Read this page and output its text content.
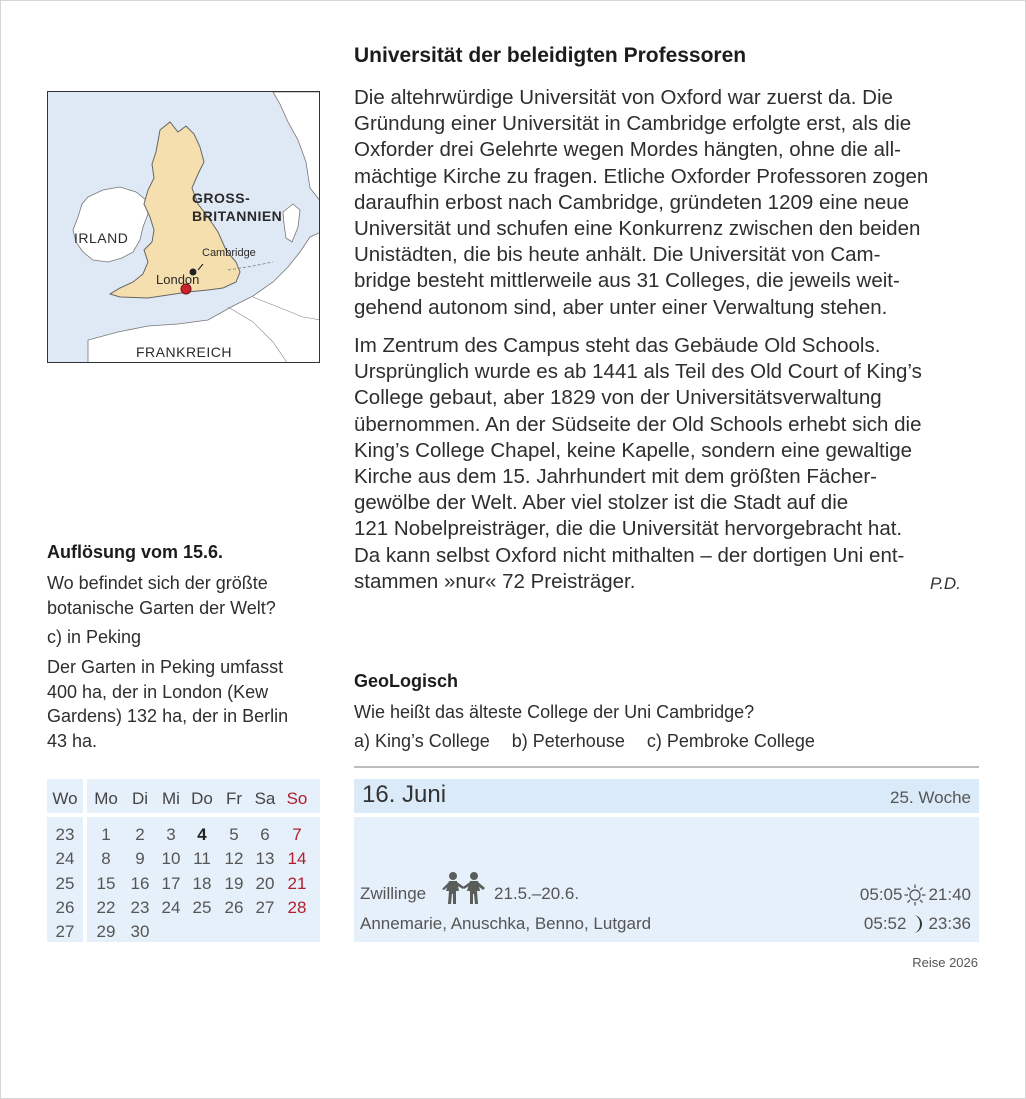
IRLAND
GROSS-
BRITANNIEN
Cambridge
London
FRANKREICH
Universität der beleidigten Professoren
Die altehrwürdige Universität von Oxford war zuerst da. Die
Gründung einer Universität in Cambridge erfolgte erst, als die
Oxforder drei Gelehrte wegen Mordes hängten, ohne die all-
mächtige Kirche zu fragen. Etliche Oxforder Professoren zogen
daraufhin erbost nach Cambridge, gründeten 1209 eine neue
Universität und schufen eine Konkurrenz zwischen den beiden
Unistädten, die bis heute anhält. Die Universität von Cam-
bridge besteht mittlerweile aus 31 Colleges, die jeweils weit-
gehend autonom sind, aber unter einer Verwaltung stehen.
Im Zentrum des Campus steht das Gebäude Old Schools.
Ursprünglich wurde es ab 1441 als Teil des Old Court of King’s
College gebaut, aber 1829 von der Universitätsverwaltung
übernommen. An der Südseite der Old Schools erhebt sich die
King’s College Chapel, keine Kapelle, sondern eine gewaltige
Kirche aus dem 15. Jahrhundert mit dem größten Fächer-
gewölbe der Welt. Aber viel stolzer ist die Stadt auf die
121 Nobelpreisträger, die die Universität hervorgebracht hat.
Da kann selbst Oxford nicht mithalten – der dortigen Uni ent-
stammen »nur« 72 Preisträger.	P.D.
Auflösung vom 15.6.
Wo befindet sich der größte
botanische Garten der Welt?
c) in Peking
Der Garten in Peking umfasst
400 ha, der in London (Kew
Gardens) 132 ha, der in Berlin
43 ha.
GeoLogisch
Wie heißt das älteste College der Uni Cambridge?
a) King’s College b) Peterhouse c) Pembroke College
Wo Mo Di Mi Do Fr Sa So
23	1	2	3	4	5	6	7
24	8	9 10 11 12 13 14
25	15 16 17 18 19 20 21
26	22 23 24 25 26 27 28
27	29 30
16. Juni	25. Woche
Zwillinge	21.5.–20.6.
Annemarie, Anuschka, Benno, Lutgard
05:05 21:40
05:52 23:36
Reise 2026
